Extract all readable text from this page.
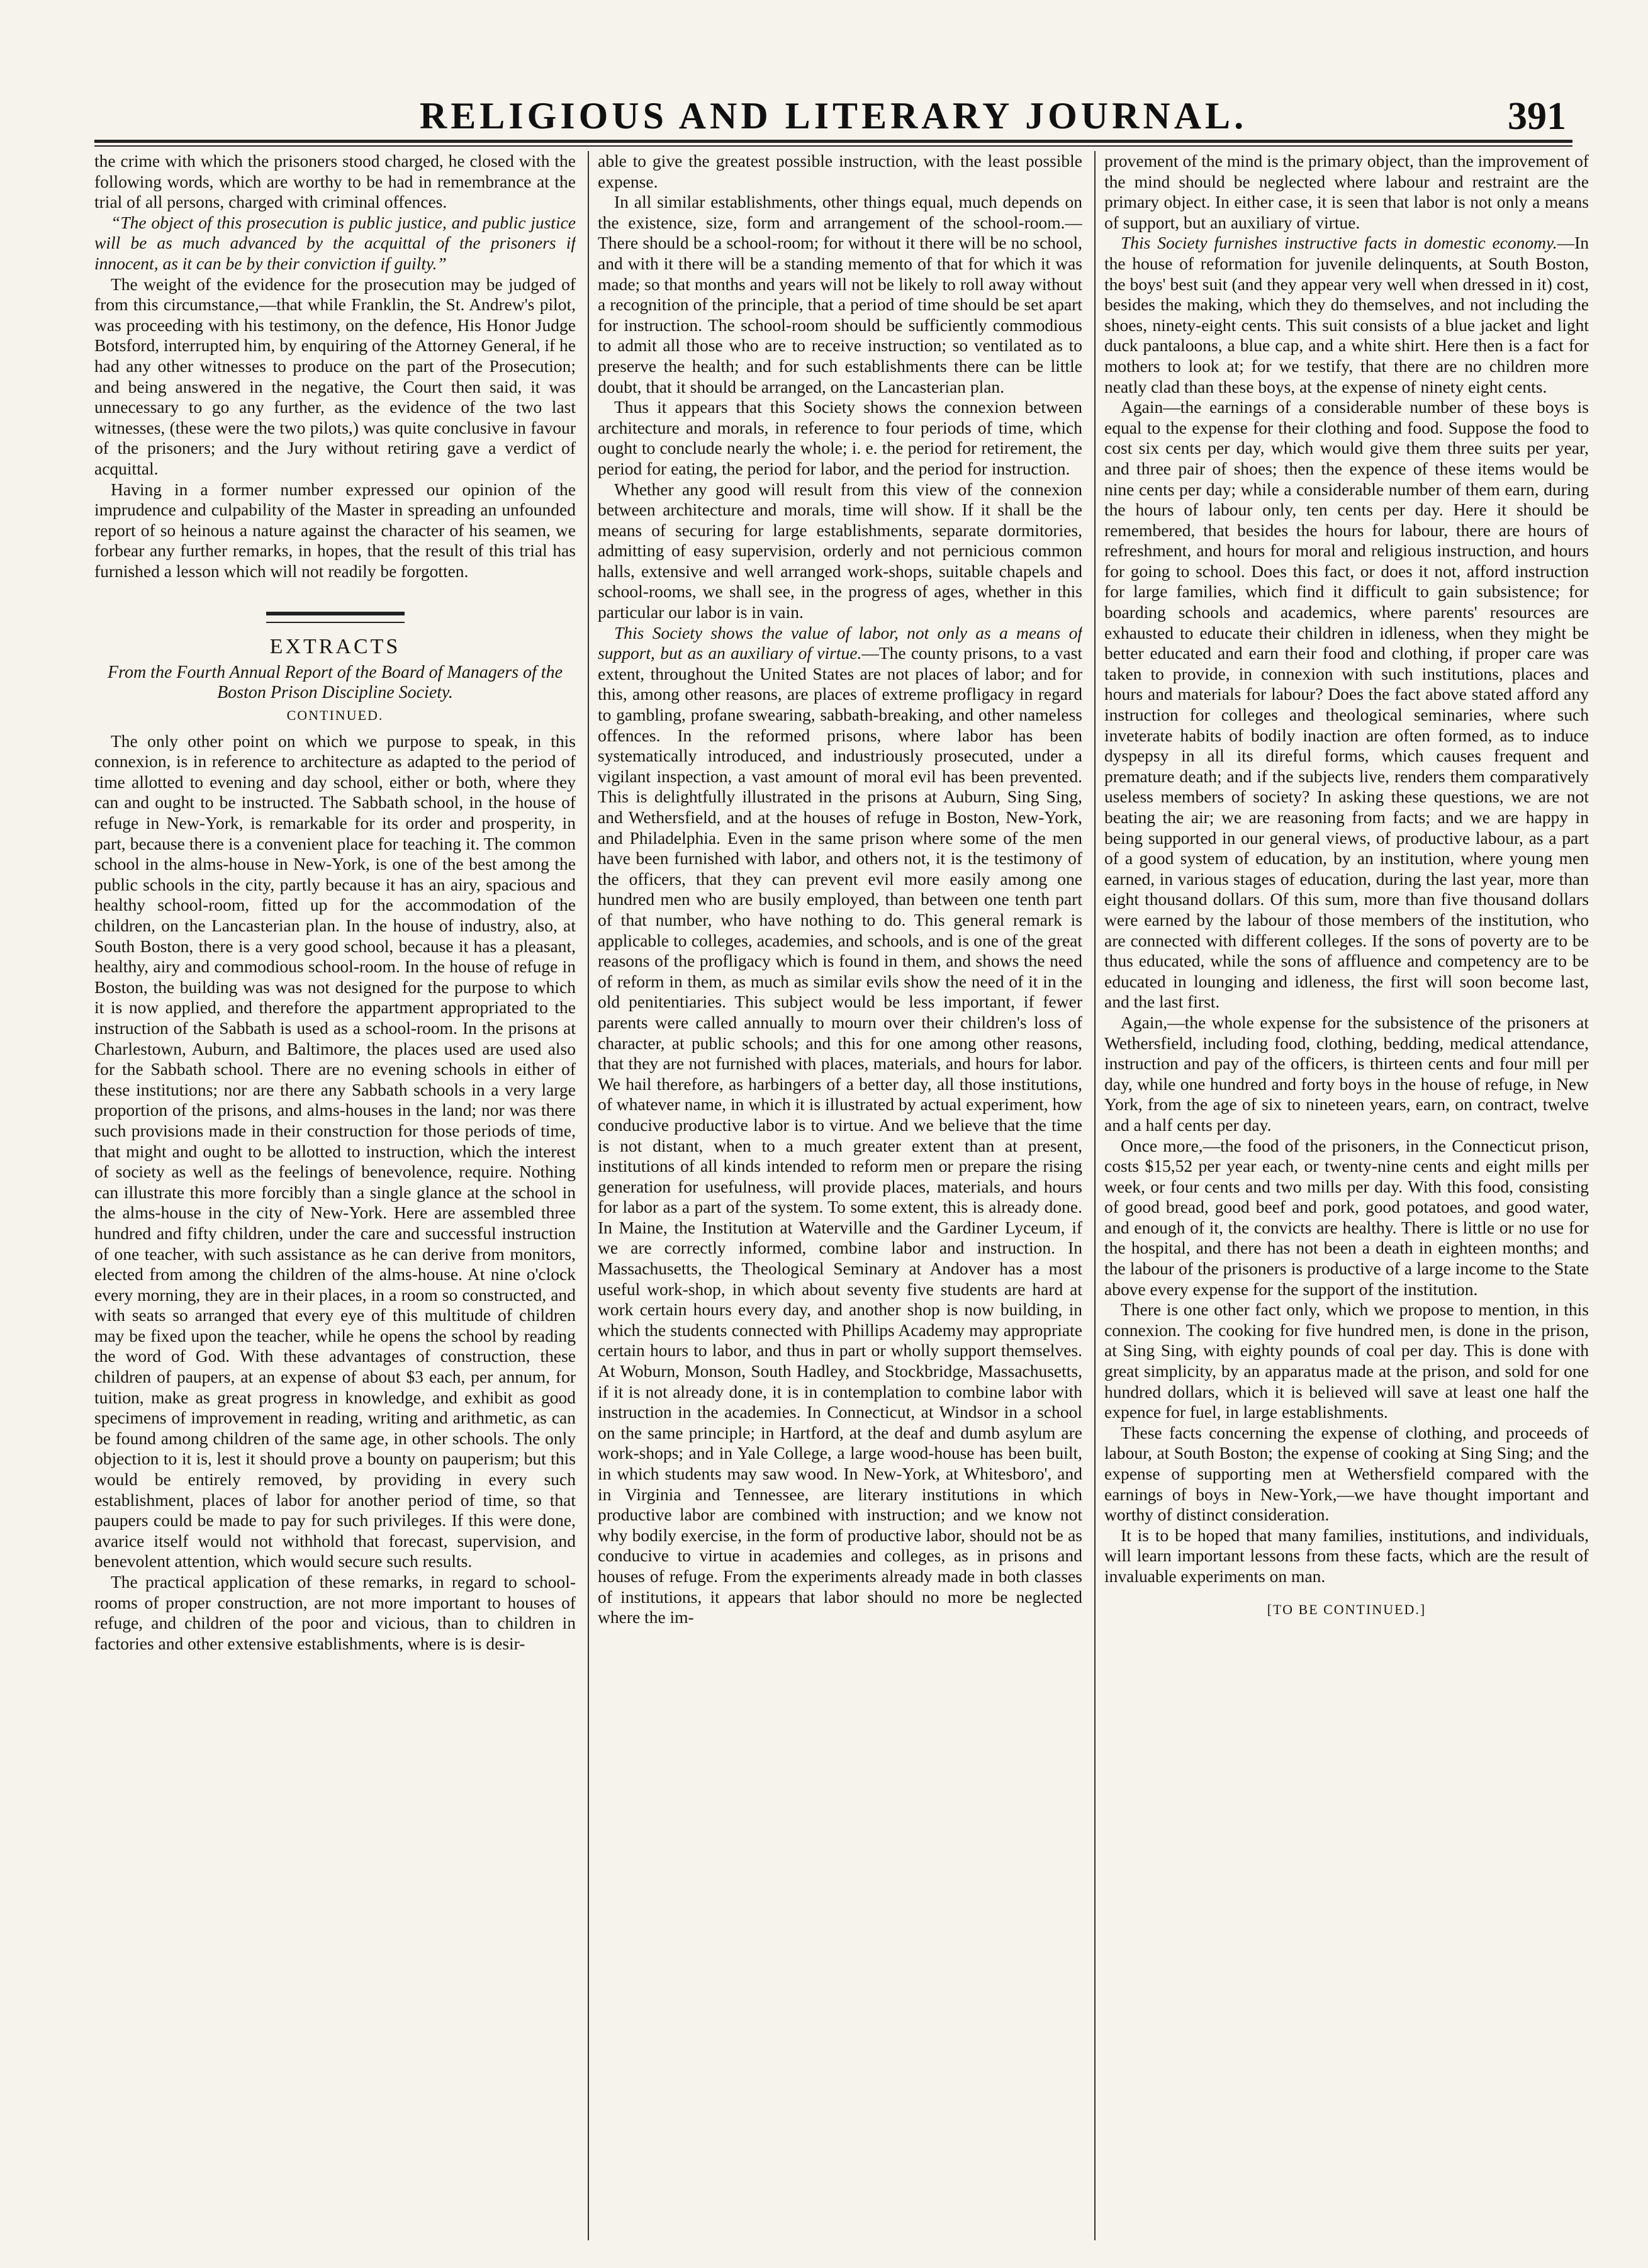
RELIGIOUS AND LITERARY JOURNAL.	391

the crime with which the prisoners stood charged, he closed with the following words, which are worthy to be had in remembrance at the trial of all persons, charged with criminal offences.

“The object of this prosecution is public justice, and public justice will be as much advanced by the acquittal of the prisoners if innocent, as it can be by their conviction if guilty.”

The weight of the evidence for the prosecution may be judged of from this circumstance,—that while Franklin, the St. Andrew's pilot, was proceeding with his testimony, on the defence, His Honor Judge Botsford, interrupted him, by enquiring of the Attorney General, if he had any other witnesses to produce on the part of the Prosecution; and being answered in the negative, the Court then said, it was unnecessary to go any further, as the evidence of the two last witnesses, (these were the two pilots,) was quite conclusive in favour of the prisoners; and the Jury without retiring gave a verdict of acquittal.

Having in a former number expressed our opinion of the imprudence and culpability of the Master in spreading an unfounded report of so heinous a nature against the character of his seamen, we forbear any further remarks, in hopes, that the result of this trial has furnished a lesson which will not readily be forgotten.

EXTRACTS
From the Fourth Annual Report of the Board of Managers of the Boston Prison Discipline Society.
CONTINUED.

The only other point on which we purpose to speak, in this connexion, is in reference to architecture as adapted to the period of time allotted to evening and day school, either or both, where they can and ought to be instructed. The Sabbath school, in the house of refuge in New-York, is remarkable for its order and prosperity, in part, because there is a convenient place for teaching it. The common school in the alms-house in New-York, is one of the best among the public schools in the city, partly because it has an airy, spacious and healthy school-room, fitted up for the accommodation of the children, on the Lancasterian plan. In the house of industry, also, at South Boston, there is a very good school, because it has a pleasant, healthy, airy and commodious school-room. In the house of refuge in Boston, the building was was not designed for the purpose to which it is now applied, and therefore the appartment appropriated to the instruction of the Sabbath is used as a school-room. In the prisons at Charlestown, Auburn, and Baltimore, the places used are used also for the Sabbath school. There are no evening schools in either of these institutions; nor are there any Sabbath schools in a very large proportion of the prisons, and alms-houses in the land; nor was there such provisions made in their construction for those periods of time, that might and ought to be allotted to instruction, which the interest of society as well as the feelings of benevolence, require. Nothing can illustrate this more forcibly than a single glance at the school in the alms-house in the city of New-York. Here are assembled three hundred and fifty children, under the care and successful instruction of one teacher, with such assistance as he can derive from monitors, elected from among the children of the alms-house. At nine o'clock every morning, they are in their places, in a room so constructed, and with seats so arranged that every eye of this multitude of children may be fixed upon the teacher, while he opens the school by reading the word of God. With these advantages of construction, these children of paupers, at an expense of about $3 each, per annum, for tuition, make as great progress in knowledge, and exhibit as good specimens of improvement in reading, writing and arithmetic, as can be found among children of the same age, in other schools. The only objection to it is, lest it should prove a bounty on pauperism; but this would be entirely removed, by providing in every such establishment, places of labor for another period of time, so that paupers could be made to pay for such privileges. If this were done, avarice itself would not withhold that forecast, supervision, and benevolent attention, which would secure such results.

The practical application of these remarks, in regard to school-rooms of proper construction, are not more important to houses of refuge, and children of the poor and vicious, than to children in factories and other extensive establishments, where is is desir-

able to give the greatest possible instruction, with the least possible expense.

In all similar establishments, other things equal, much depends on the existence, size, form and arrangement of the school-room.—There should be a school-room; for without it there will be no school, and with it there will be a standing memento of that for which it was made; so that months and years will not be likely to roll away without a recognition of the principle, that a period of time should be set apart for instruction. The school-room should be sufficiently commodious to admit all those who are to receive instruction; so ventilated as to preserve the health; and for such establishments there can be little doubt, that it should be arranged, on the Lancasterian plan.

Thus it appears that this Society shows the connexion between architecture and morals, in reference to four periods of time, which ought to conclude nearly the whole; i. e. the period for retirement, the period for eating, the period for labor, and the period for instruction.

Whether any good will result from this view of the connexion between architecture and morals, time will show. If it shall be the means of securing for large establishments, separate dormitories, admitting of easy supervision, orderly and not pernicious common halls, extensive and well arranged work-shops, suitable chapels and school-rooms, we shall see, in the progress of ages, whether in this particular our labor is in vain.

This Society shows the value of labor, not only as a means of support, but as an auxiliary of virtue.—The county prisons, to a vast extent, throughout the United States are not places of labor; and for this, among other reasons, are places of extreme profligacy in regard to gambling, profane swearing, sabbath-breaking, and other nameless offences. In the reformed prisons, where labor has been systematically introduced, and industriously prosecuted, under a vigilant inspection, a vast amount of moral evil has been prevented. This is delightfully illustrated in the prisons at Auburn, Sing Sing, and Wethersfield, and at the houses of refuge in Boston, New-York, and Philadelphia. Even in the same prison where some of the men have been furnished with labor, and others not, it is the testimony of the officers, that they can prevent evil more easily among one hundred men who are busily employed, than between one tenth part of that number, who have nothing to do. This general remark is applicable to colleges, academies, and schools, and is one of the great reasons of the profligacy which is found in them, and shows the need of reform in them, as much as similar evils show the need of it in the old penitentiaries. This subject would be less important, if fewer parents were called annually to mourn over their children's loss of character, at public schools; and this for one among other reasons, that they are not furnished with places, materials, and hours for labor. We hail therefore, as harbingers of a better day, all those institutions, of whatever name, in which it is illustrated by actual experiment, how conducive productive labor is to virtue. And we believe that the time is not distant, when to a much greater extent than at present, institutions of all kinds intended to reform men or prepare the rising generation for usefulness, will provide places, materials, and hours for labor as a part of the system. To some extent, this is already done. In Maine, the Institution at Waterville and the Gardiner Lyceum, if we are correctly informed, combine labor and instruction. In Massachusetts, the Theological Seminary at Andover has a most useful work-shop, in which about seventy five students are hard at work certain hours every day, and another shop is now building, in which the students connected with Phillips Academy may appropriate certain hours to labor, and thus in part or wholly support themselves. At Woburn, Monson, South Hadley, and Stockbridge, Massachusetts, if it is not already done, it is in contemplation to combine labor with instruction in the academies. In Connecticut, at Windsor in a school on the same principle; in Hartford, at the deaf and dumb asylum are work-shops; and in Yale College, a large wood-house has been built, in which students may saw wood. In New-York, at Whitesboro', and in Virginia and Tennessee, are literary institutions in which productive labor are combined with instruction; and we know not why bodily exercise, in the form of productive labor, should not be as conducive to virtue in academies and colleges, as in prisons and houses of refuge. From the experiments already made in both classes of institutions, it appears that labor should no more be neglected where the im-

provement of the mind is the primary object, than the improvement of the mind should be neglected where labour and restraint are the primary object. In either case, it is seen that labor is not only a means of support, but an auxiliary of virtue.

This Society furnishes instructive facts in domestic economy.—In the house of reformation for juvenile delinquents, at South Boston, the boys' best suit (and they appear very well when dressed in it) cost, besides the making, which they do themselves, and not including the shoes, ninety-eight cents. This suit consists of a blue jacket and light duck pantaloons, a blue cap, and a white shirt. Here then is a fact for mothers to look at; for we testify, that there are no children more neatly clad than these boys, at the expense of ninety eight cents.

Again—the earnings of a considerable number of these boys is equal to the expense for their clothing and food. Suppose the food to cost six cents per day, which would give them three suits per year, and three pair of shoes; then the expence of these items would be nine cents per day; while a considerable number of them earn, during the hours of labour only, ten cents per day. Here it should be remembered, that besides the hours for labour, there are hours of refreshment, and hours for moral and religious instruction, and hours for going to school. Does this fact, or does it not, afford instruction for large families, which find it difficult to gain subsistence; for boarding schools and academics, where parents' resources are exhausted to educate their children in idleness, when they might be better educated and earn their food and clothing, if proper care was taken to provide, in connexion with such institutions, places and hours and materials for labour? Does the fact above stated afford any instruction for colleges and theological seminaries, where such inveterate habits of bodily inaction are often formed, as to induce dyspepsy in all its direful forms, which causes frequent and premature death; and if the subjects live, renders them comparatively useless members of society? In asking these questions, we are not beating the air; we are reasoning from facts; and we are happy in being supported in our general views, of productive labour, as a part of a good system of education, by an institution, where young men earned, in various stages of education, during the last year, more than eight thousand dollars. Of this sum, more than five thousand dollars were earned by the labour of those members of the institution, who are connected with different colleges. If the sons of poverty are to be thus educated, while the sons of affluence and competency are to be educated in lounging and idleness, the first will soon become last, and the last first.

Again,—the whole expense for the subsistence of the prisoners at Wethersfield, including food, clothing, bedding, medical attendance, instruction and pay of the officers, is thirteen cents and four mill per day, while one hundred and forty boys in the house of refuge, in New York, from the age of six to nineteen years, earn, on contract, twelve and a half cents per day.

Once more,—the food of the prisoners, in the Connecticut prison, costs $15,52 per year each, or twenty-nine cents and eight mills per week, or four cents and two mills per day. With this food, consisting of good bread, good beef and pork, good potatoes, and good water, and enough of it, the convicts are healthy. There is little or no use for the hospital, and there has not been a death in eighteen months; and the labour of the prisoners is productive of a large income to the State above every expense for the support of the institution.

There is one other fact only, which we propose to mention, in this connexion. The cooking for five hundred men, is done in the prison, at Sing Sing, with eighty pounds of coal per day. This is done with great simplicity, by an apparatus made at the prison, and sold for one hundred dollars, which it is believed will save at least one half the expence for fuel, in large establishments.

These facts concerning the expense of clothing, and proceeds of labour, at South Boston; the expense of cooking at Sing Sing; and the expense of supporting men at Wethersfield compared with the earnings of boys in New-York,—we have thought important and worthy of distinct consideration.

It is to be hoped that many families, institutions, and individuals, will learn important lessons from these facts, which are the result of invaluable experiments on man.

[TO BE CONTINUED.]
